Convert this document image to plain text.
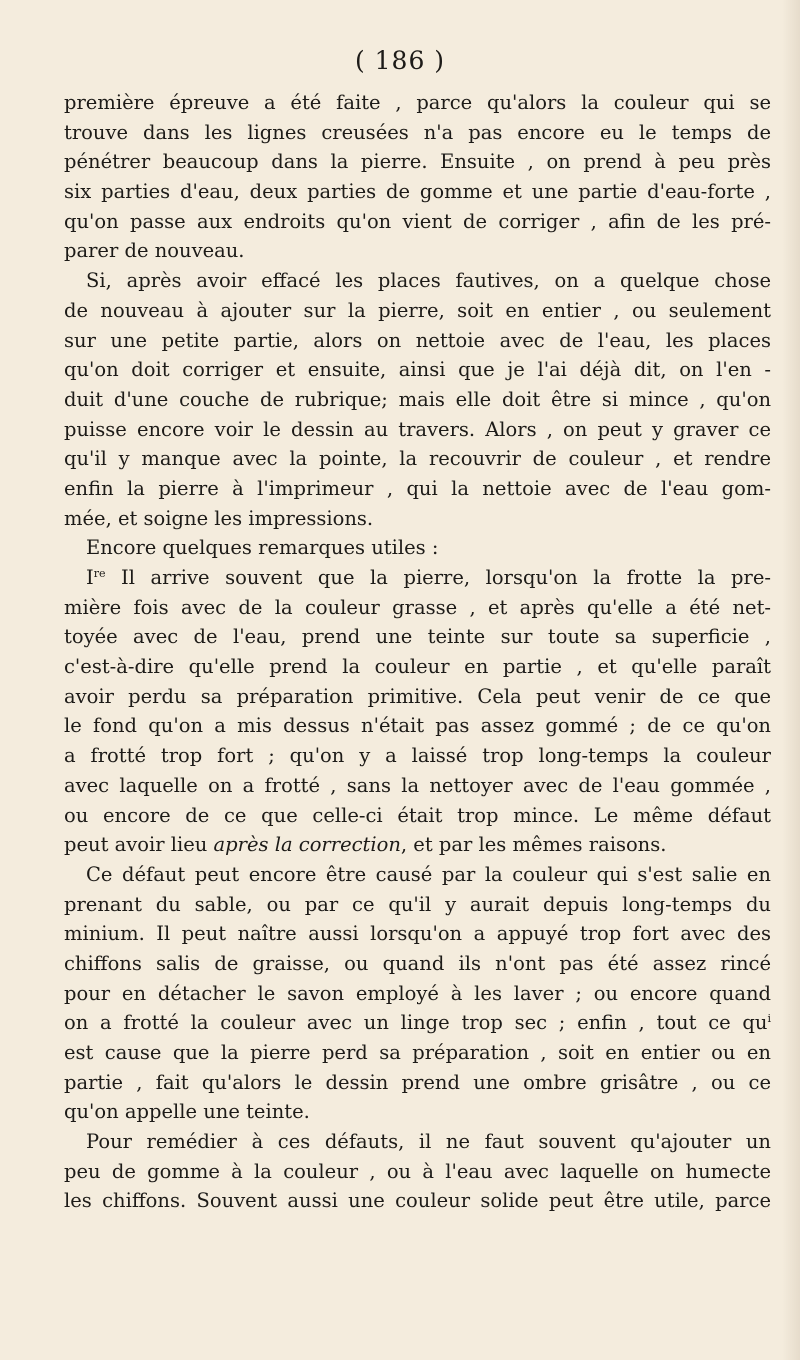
( 186 )
première épreuve a été faite , parce qu'alors la couleur qui se
trouve dans les lignes creusées n'a pas encore eu le temps de
pénétrer beaucoup dans la pierre. Ensuite , on prend à peu près
six parties d'eau, deux parties de gomme et une partie d'eau-forte ,
qu'on passe aux endroits qu'on vient de corriger , afin de les pré-
parer de nouveau.
Si, après avoir effacé les places fautives, on a quelque chose
de nouveau à ajouter sur la pierre, soit en entier , ou seulement
sur une petite partie, alors on nettoie avec de l'eau, les places
qu'on doit corriger et ensuite, ainsi que je l'ai déjà dit, on l'en -
duit d'une couche de rubrique; mais elle doit être si mince , qu'on
puisse encore voir le dessin au travers. Alors , on peut y graver ce
qu'il y manque avec la pointe, la recouvrir de couleur , et rendre
enfin la pierre à l'imprimeur , qui la nettoie avec de l'eau gom-
mée, et soigne les impressions.
Encore quelques remarques utiles :
Ire Il arrive souvent que la pierre, lorsqu'on la frotte la pre-
mière fois avec de la couleur grasse , et après qu'elle a été net-
toyée avec de l'eau, prend une teinte sur toute sa superficie ,
c'est-à-dire qu'elle prend la couleur en partie , et qu'elle paraît
avoir perdu sa préparation primitive. Cela peut venir de ce que
le fond qu'on a mis dessus n'était pas assez gommé ; de ce qu'on
a frotté trop fort ; qu'on y a laissé trop long-temps la couleur
avec laquelle on a frotté , sans la nettoyer avec de l'eau gommée ,
ou encore de ce que celle-ci était trop mince. Le même défaut
peut avoir lieu après la correction, et par les mêmes raisons.
Ce défaut peut encore être causé par la couleur qui s'est salie en
prenant du sable, ou par ce qu'il y aurait depuis long-temps du
minium. Il peut naître aussi lorsqu'on a appuyé trop fort avec des
chiffons salis de graisse, ou quand ils n'ont pas été assez rincé
pour en détacher le savon employé à les laver ; ou encore quand
on a frotté la couleur avec un linge trop sec ; enfin , tout ce $qu^i$
est cause que la pierre perd sa préparation , soit en entier ou en
partie , fait qu'alors le dessin prend une ombre grisâtre , ou ce
qu'on appelle une teinte.
Pour remédier à ces défauts, il ne faut souvent qu'ajouter un
peu de gomme à la couleur , ou à l'eau avec laquelle on humecte
les chiffons. Souvent aussi une couleur solide peut être utile, parce
